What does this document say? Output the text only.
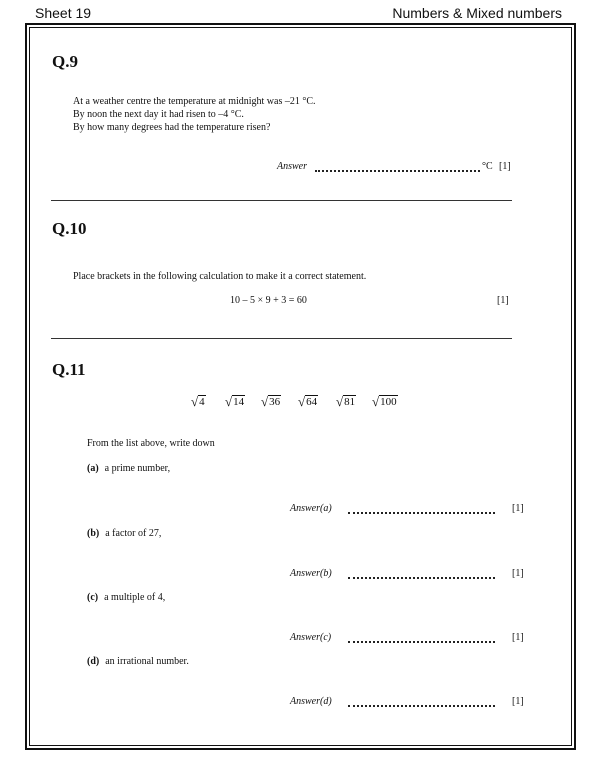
Sheet 19	Numbers & Mixed numbers
Q.9
At a weather centre the temperature at midnight was –21 °C.
By noon the next day it had risen to –4 °C.
By how many degrees had the temperature risen?
Answer	°C [1]
Q.10
Place brackets in the following calculation to make it a correct statement.
10 – 5 × 9 + 3 = 60	[1]
Q.11
√ 4 √ 14 √ 36 √ 64 √ 81 √ 100
From the list above, write down
(a) a prime number,
Answer(a)	[1]
(b) a factor of 27,
Answer(b)	[1]
(c) a multiple of 4,
Answer(c)	[1]
(d) an irrational number.
Answer(d)	[1]
